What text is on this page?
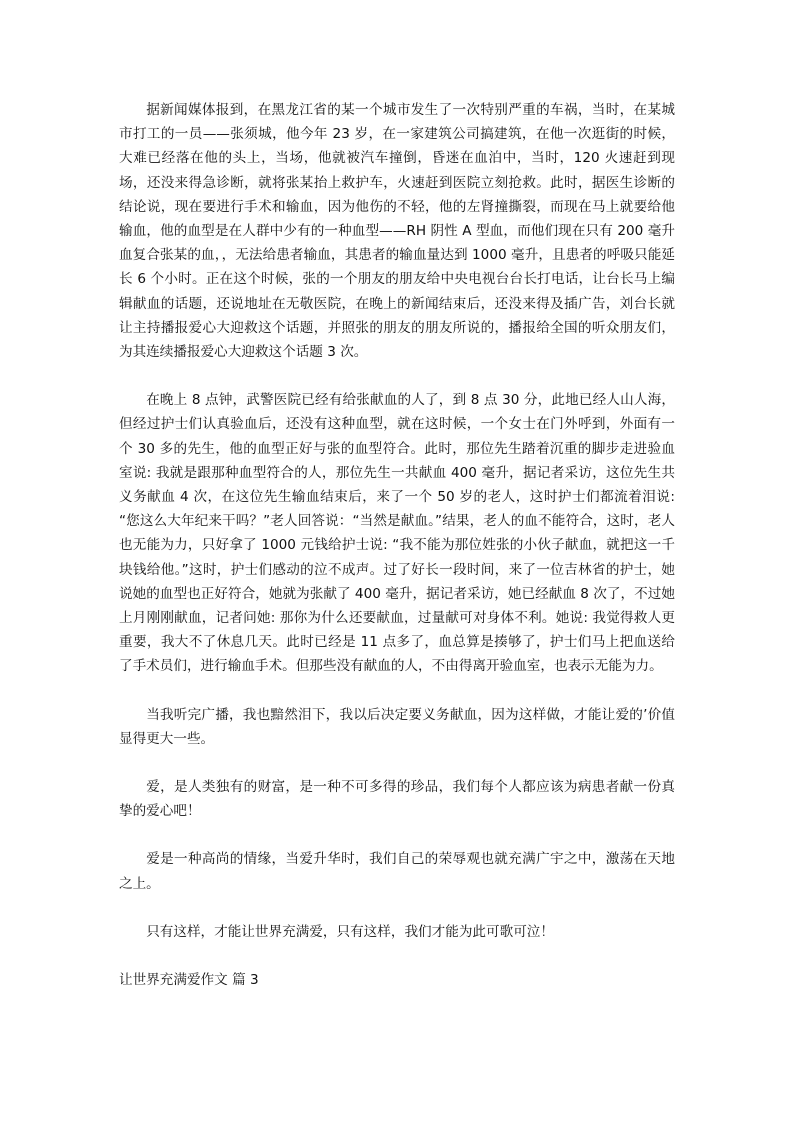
据新闻媒体报到，在黑龙江省的某一个城市发生了一次特别严重的车祸，当时，在某城市打工的一员——张须城，他今年 23 岁，在一家建筑公司搞建筑，在他一次逛街的时候，大难已经落在他的头上，当场，他就被汽车撞倒，昏迷在血泊中，当时，120 火速赶到现场，还没来得急诊断，就将张某抬上救护车，火速赶到医院立刻抢救。此时，据医生诊断的结论说，现在要进行手术和输血，因为他伤的不轻，他的左肾撞撕裂，而现在马上就要给他输血，他的血型是在人群中少有的一种血型——RH 阴性 A 型血，而他们现在只有 200 毫升血复合张某的血，，无法给患者输血，其患者的输血量达到 1000 毫升，且患者的呼吸只能延长 6 个小时。正在这个时候，张的一个朋友的朋友给中央电视台台长打电话，让台长马上编辑献血的话题，还说地址在无敬医院，在晚上的新闻结束后，还没来得及插广告，刘台长就让主持播报爱心大迎救这个话题，并照张的朋友的朋友所说的，播报给全国的听众朋友们，为其连续播报爱心大迎救这个话题 3 次。

在晚上 8 点钟，武警医院已经有给张献血的人了，到 8 点 30 分，此地已经人山人海，但经过护士们认真验血后，还没有这种血型，就在这时候，一个女士在门外呼到，外面有一个 30 多的先生，他的血型正好与张的血型符合。此时，那位先生踏着沉重的脚步走进验血室说: 我就是跟那种血型符合的人，那位先生一共献血 400 毫升，据记者采访，这位先生共义务献血 4 次，在这位先生输血结束后，来了一个 50 岁的老人，这时护士们都流着泪说: “您这么大年纪来干吗？”老人回答说：“当然是献血。”结果，老人的血不能符合，这时，老人也无能为力，只好拿了 1000 元钱给护士说: “我不能为那位姓张的小伙子献血，就把这一千块钱给他。”这时，护士们感动的泣不成声。过了好长一段时间，来了一位吉林省的护士，她说她的血型也正好符合，她就为张献了 400 毫升，据记者采访，她已经献血 8 次了，不过她上月刚刚献血，记者问她: 那你为什么还要献血，过量献可对身体不利。她说: 我觉得救人更重要，我大不了休息几天。此时已经是 11 点多了，血总算是揍够了，护士们马上把血送给了手术员们，进行输血手术。但那些没有献血的人，不由得离开验血室，也表示无能为力。

当我听完广播，我也黯然泪下，我以后决定要义务献血，因为这样做，才能让爱的’价值显得更大一些。

爱，是人类独有的财富，是一种不可多得的珍品，我们每个人都应该为病患者献一份真挚的爱心吧！

爱是一种高尚的情缘，当爱升华时，我们自己的荣辱观也就充满广宇之中，激荡在天地之上。

只有这样，才能让世界充满爱，只有这样，我们才能为此可歌可泣！

让世界充满爱作文 篇 3
